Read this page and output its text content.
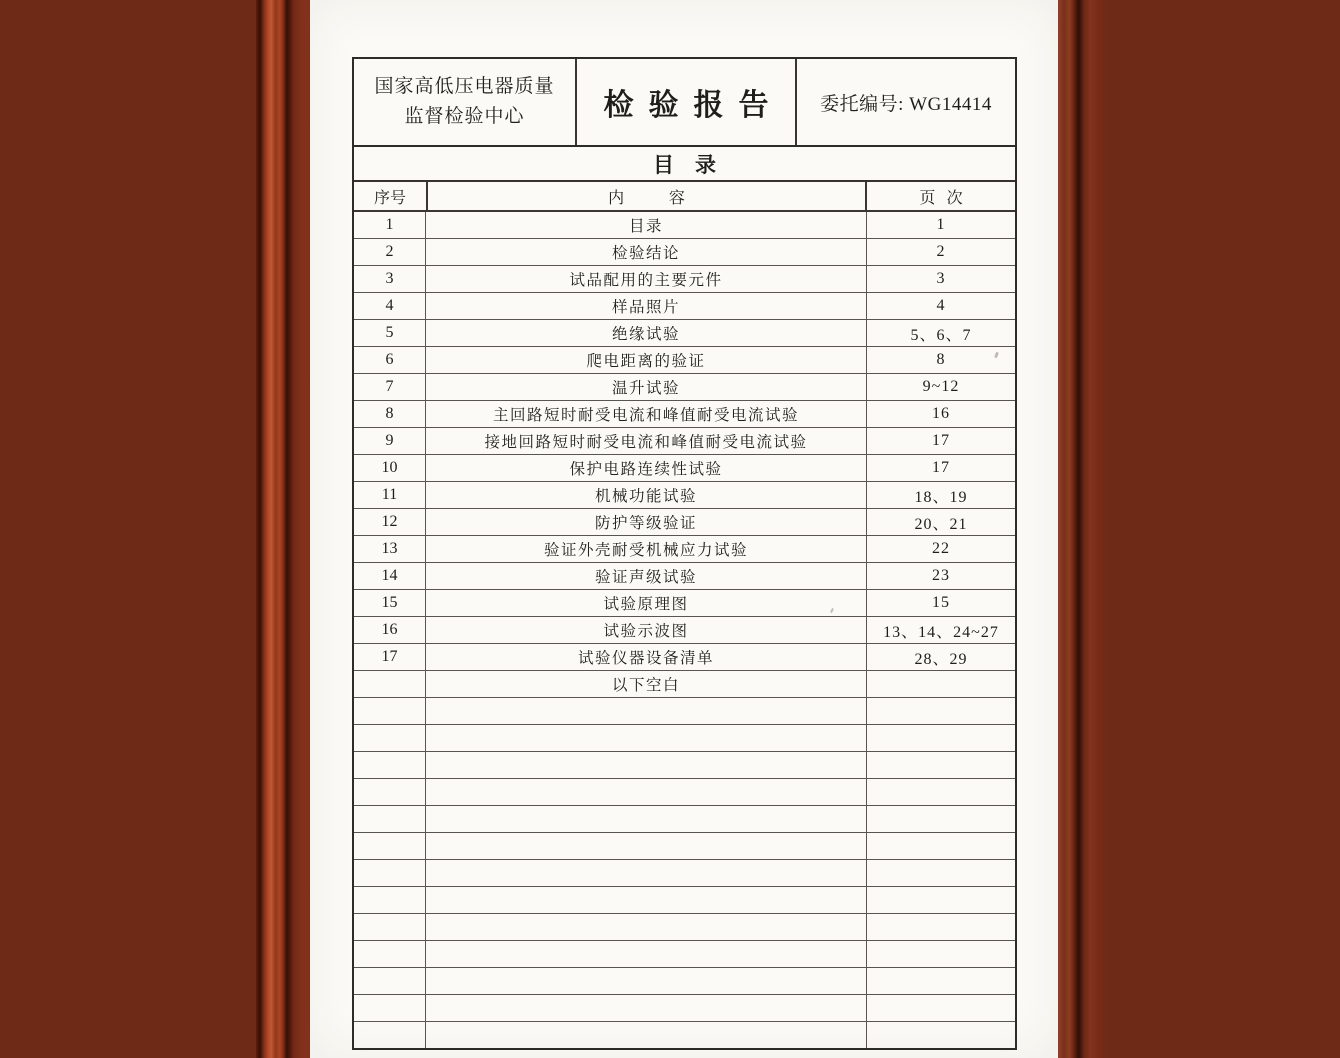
国家高低压电器质量
监督检验中心	检验报告 委托编号: WG14414
目录
序号	内容	页次
1	目录	1
2	检验结论	2
3	试品配用的主要元件	3
4	样品照片	4
5	绝缘试验	5、6、7
6	爬电距离的验证	8
7	温升试验	9~12
8	主回路短时耐受电流和峰值耐受电流试验	16
9	接地回路短时耐受电流和峰值耐受电流试验	17
10	保护电路连续性试验	17
11	机械功能试验	18、19
12	防护等级验证	20、21
13	验证外壳耐受机械应力试验	22
14	验证声级试验	23
15	试验原理图	15
16	试验示波图	13、14、24~27
17	试验仪器设备清单	28、29
以下空白
